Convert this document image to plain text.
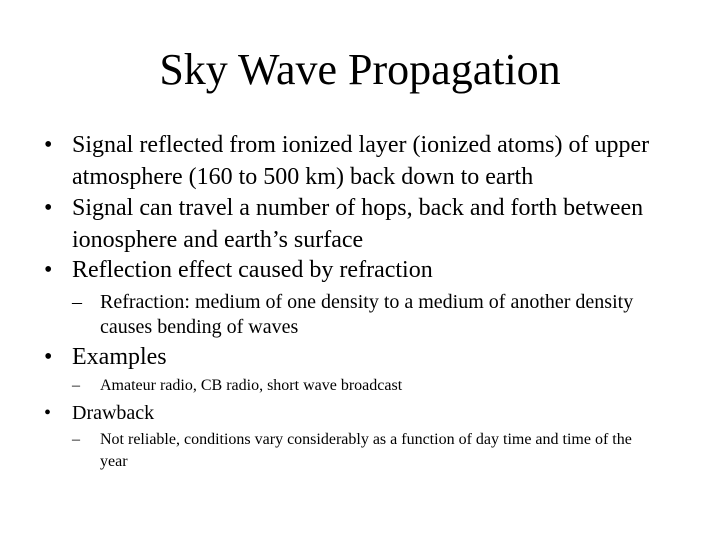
Sky Wave Propagation
• Signal reflected from ionized layer (ionized atoms) of upper atmosphere (160 to 500 km) back down to earth
• Signal can travel a number of hops, back and forth between ionosphere and earth’s surface
• Reflection effect caused by refraction
– Refraction: medium of one density to a medium of another density causes bending of waves
• Examples
– Amateur radio, CB radio, short wave broadcast
•	Drawback
– Not reliable, conditions vary considerably as a function of day time and time of the year
